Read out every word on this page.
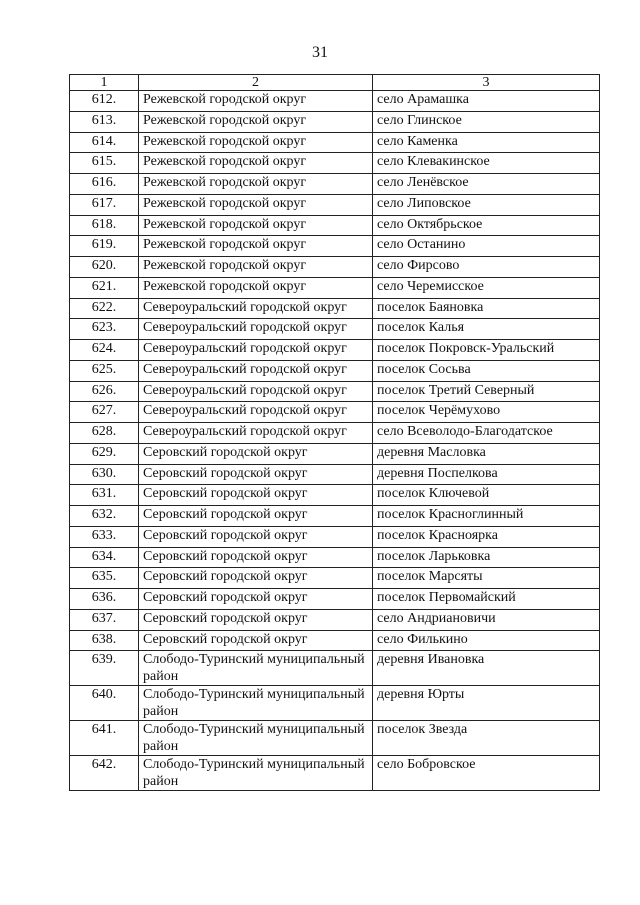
31
1	2	3
612.	Режевской городской округ	село Арамашка
613.	Режевской городской округ	село Глинское
614.	Режевской городской округ	село Каменка
615.	Режевской городской округ	село Клевакинское
616.	Режевской городской округ	село Ленёвское
617.	Режевской городской округ	село Липовское
618.	Режевской городской округ	село Октябрьское
619.	Режевской городской округ	село Останино
620.	Режевской городской округ	село Фирсово
621.	Режевской городской округ	село Черемисское
622.	Североуральский городской округ	поселок Баяновка
623.	Североуральский городской округ	поселок Калья
624.	Североуральский городской округ	поселок Покровск-Уральский
625.	Североуральский городской округ	поселок Сосьва
626.	Североуральский городской округ	поселок Третий Северный
627.	Североуральский городской округ	поселок Черёмухово
628.	Североуральский городской округ	село Всеволодо-Благодатское
629.	Серовский городской округ	деревня Масловка
630.	Серовский городской округ	деревня Поспелкова
631.	Серовский городской округ	поселок Ключевой
632.	Серовский городской округ	поселок Красноглинный
633.	Серовский городской округ	поселок Красноярка
634.	Серовский городской округ	поселок Ларьковка
635.	Серовский городской округ	поселок Марсяты
636.	Серовский городской округ	поселок Первомайский
637.	Серовский городской округ	село Андриановичи
638.	Серовский городской округ	село Филькино
639.	Слободо-Туринский муниципальный район	деревня Ивановка
640.	Слободо-Туринский муниципальный район	деревня Юрты
641.	Слободо-Туринский муниципальный район	поселок Звезда
642.	Слободо-Туринский муниципальный район	село Бобровское
